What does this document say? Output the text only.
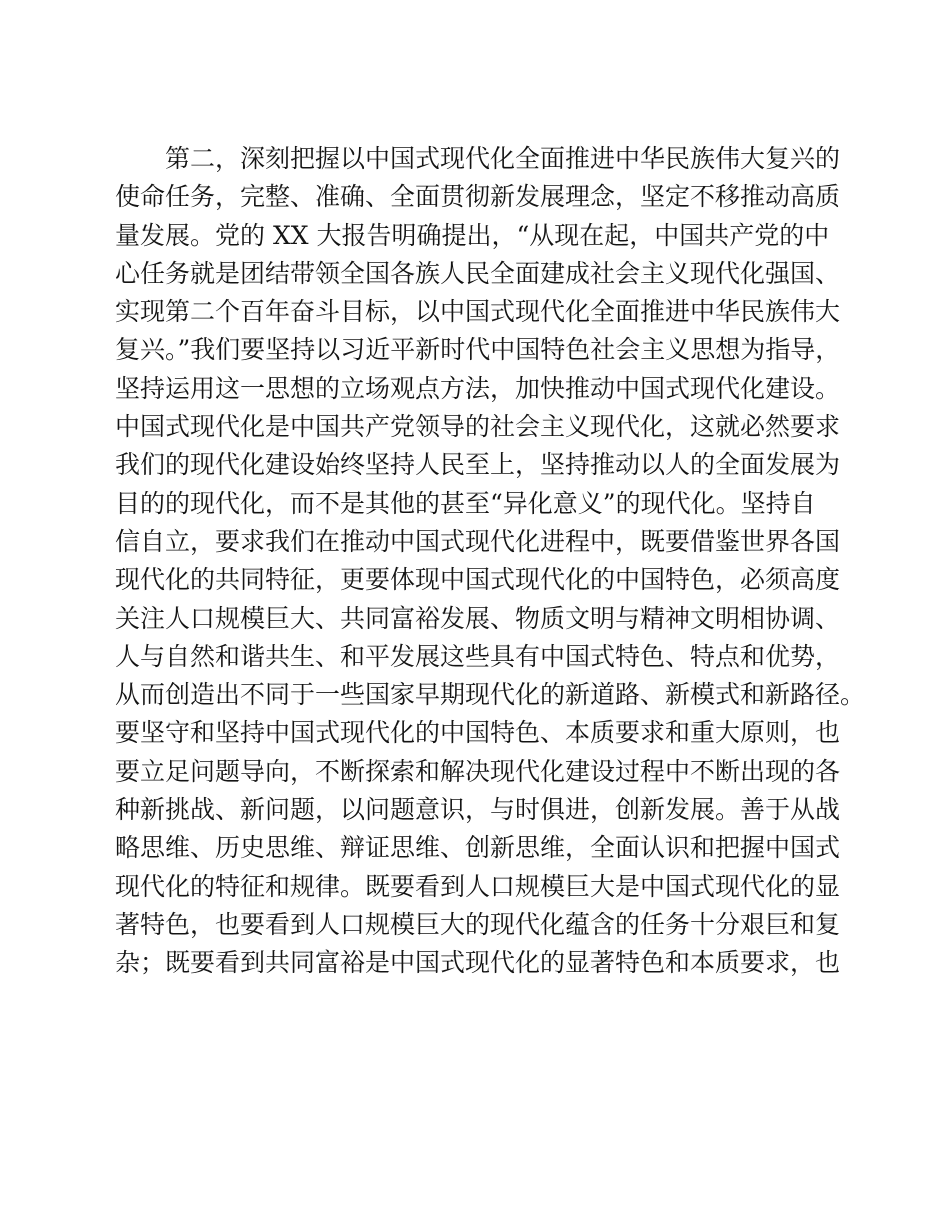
第二，深刻把握以中国式现代化全面推进中华民族伟大复兴的
使命任务，完整、准确、全面贯彻新发展理念，坚定不移推动高质
量发展。党的 XX 大报告明确提出，“从现在起，中国共产党的中
心任务就是团结带领全国各族人民全面建成社会主义现代化强国、
实现第二个百年奋斗目标，以中国式现代化全面推进中华民族伟大
复兴。”我们要坚持以习近平新时代中国特色社会主义思想为指导，
坚持运用这一思想的立场观点方法，加快推动中国式现代化建设。
中国式现代化是中国共产党领导的社会主义现代化，这就必然要求
我们的现代化建设始终坚持人民至上，坚持推动以人的全面发展为
目的的现代化，而不是其他的甚至“异化意义”的现代化。坚持自
信自立，要求我们在推动中国式现代化进程中，既要借鉴世界各国
现代化的共同特征，更要体现中国式现代化的中国特色，必须高度
关注人口规模巨大、共同富裕发展、物质文明与精神文明相协调、
人与自然和谐共生、和平发展这些具有中国式特色、特点和优势，
从而创造出不同于一些国家早期现代化的新道路、新模式和新路径。
要坚守和坚持中国式现代化的中国特色、本质要求和重大原则，也
要立足问题导向，不断探索和解决现代化建设过程中不断出现的各
种新挑战、新问题，以问题意识，与时俱进，创新发展。善于从战
略思维、历史思维、辩证思维、创新思维，全面认识和把握中国式
现代化的特征和规律。既要看到人口规模巨大是中国式现代化的显
著特色，也要看到人口规模巨大的现代化蕴含的任务十分艰巨和复
杂；既要看到共同富裕是中国式现代化的显著特色和本质要求，也
